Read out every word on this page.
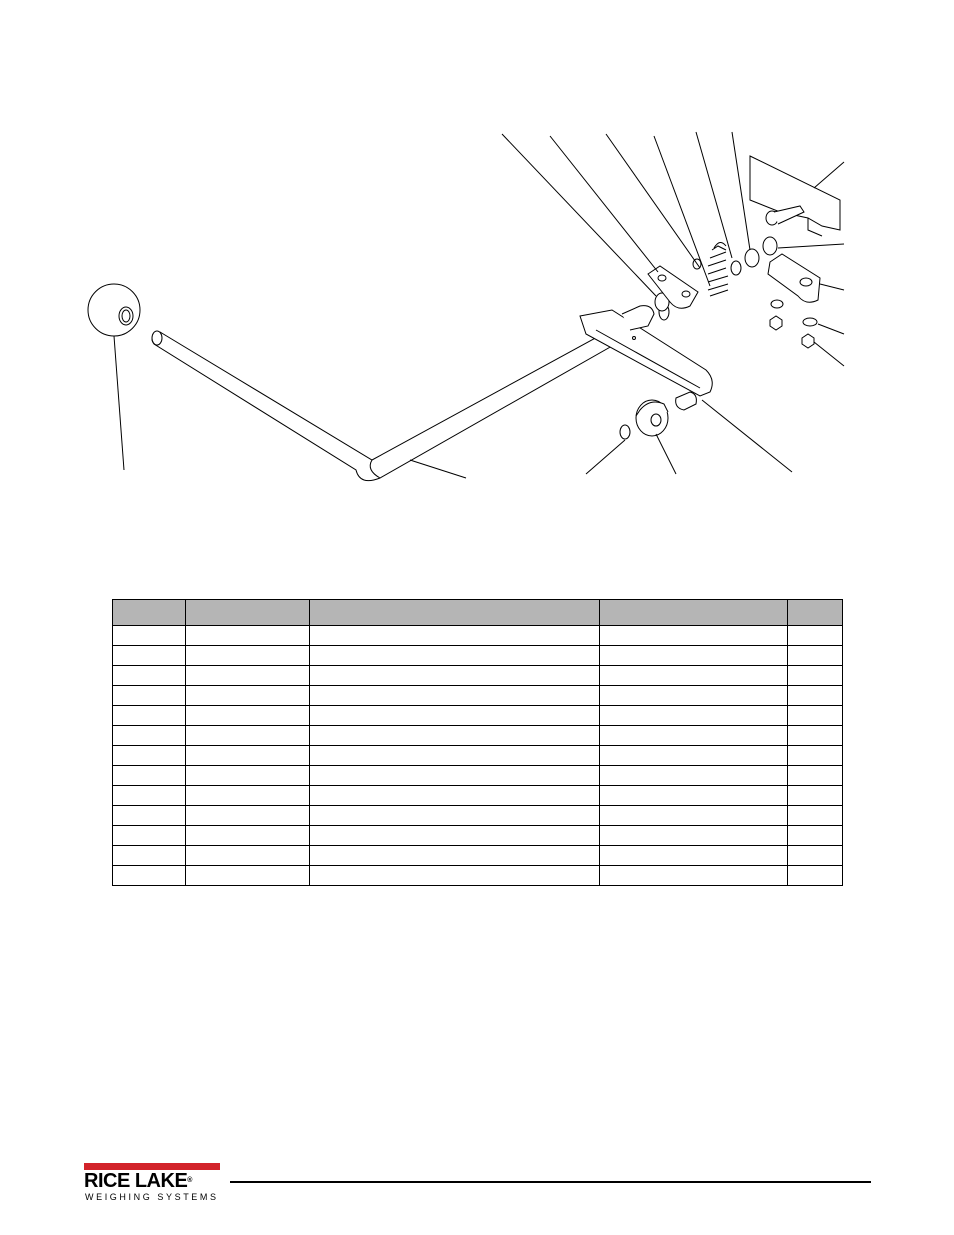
RICE LAKE®
WEIGHING SYSTEMS
